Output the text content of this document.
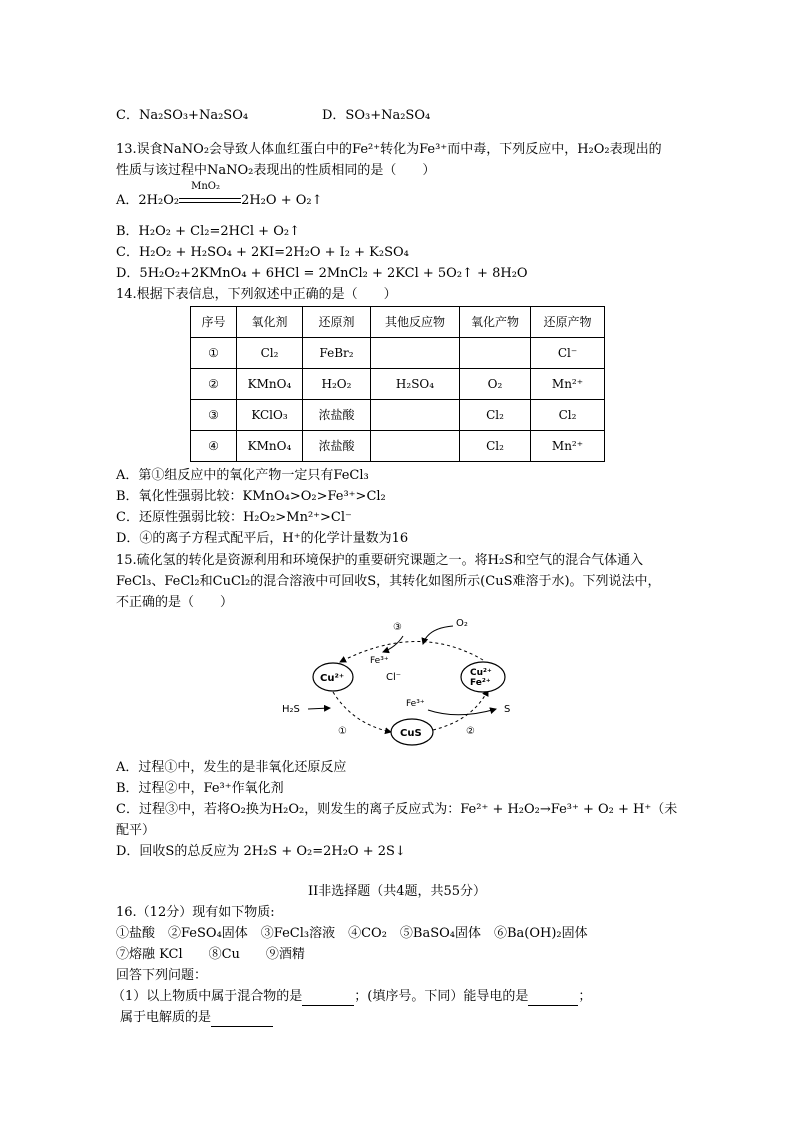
C．Na₂SO₃+Na₂SO₄	D．SO₃+Na₂SO₄
13.误食NaNO₂会导致人体血红蛋白中的Fe²⁺转化为Fe³⁺而中毒，下列反应中，H₂O₂表现出的
性质与该过程中NaNO₂表现出的性质相同的是（　　）
A．2H₂O₂
MnO₂
2H₂O + O₂↑
B．H₂O₂ + Cl₂=2HCl + O₂↑
C．H₂O₂ + H₂SO₄ + 2KI=2H₂O + I₂ + K₂SO₄
D．5H₂O₂+2KMnO₄ + 6HCl = 2MnCl₂ + 2KCl + 5O₂↑ + 8H₂O
14.根据下表信息，下列叙述中正确的是（　　）
序号	氧化剂	还原剂	其他反应物	氧化产物	还原产物
①	Cl₂	FeBr₂			Cl⁻
②	KMnO₄	H₂O₂	H₂SO₄	O₂	Mn²⁺
③	KClO₃	浓盐酸		Cl₂	Cl₂
④	KMnO₄	浓盐酸		Cl₂	Mn²⁺
A．第①组反应中的氧化产物一定只有FeCl₃
B．氧化性强弱比较：KMnO₄>O₂>Fe³⁺>Cl₂
C．还原性强弱比较：H₂O₂>Mn²⁺>Cl⁻
D．④的离子方程式配平后，H⁺的化学计量数为16
15.硫化氢的转化是资源利用和环境保护的重要研究课题之一。将H₂S和空气的混合气体通入
FeCl₃、FeCl₂和CuCl₂的混合溶液中可回收S，其转化如图所示(CuS难溶于水)。下列说法中，
不正确的是（　　）
③	O₂
Fe³⁺
Cu²⁺	Cl⁻	Cu²⁺
Fe²⁺
H₂S	Fe³⁺	S
①	CuS	②
A．过程①中，发生的是非氧化还原反应
B．过程②中，Fe³⁺作氧化剂
C．过程③中，若将O₂换为H₂O₂，则发生的离子反应式为：Fe²⁺ + H₂O₂→Fe³⁺ + O₂ + H⁺（未
配平）
D．回收S的总反应为 2H₂S + O₂=2H₂O + 2S↓
II非选择题（共4题，共55分）
16.（12分）现有如下物质:
①盐酸　②FeSO₄固体　③FeCl₃溶液　④CO₂　⑤BaSO₄固体　⑥Ba(OH)₂固体
⑦熔融 KCl　　⑧Cu　　⑨酒精
回答下列问题：
（1）以上物质中属于混合物的是	；(填序号。下同）能导电的是	；
属于电解质的是
